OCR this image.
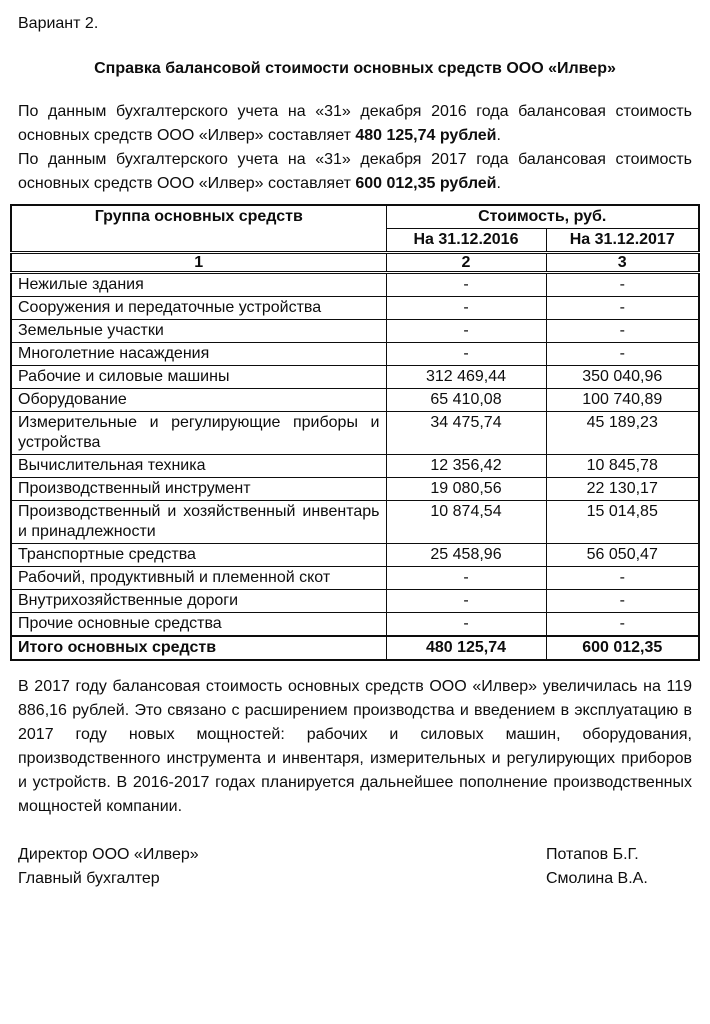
Вариант 2.
Справка балансовой стоимости основных средств ООО «Илвер»

По данным бухгалтерского учета на «31» декабря 2016 года балансовая стоимость основных средств ООО «Илвер» составляет 480 125,74 рублей.

По данным бухгалтерского учета на «31» декабря 2017 года балансовая стоимость основных средств ООО «Илвер» составляет 600 012,35 рублей.

Группа основных средств	Стоимость, руб.	
	На 31.12.2016	На 31.12.2017
1	2	3
Нежилые здания	-	-
Сооружения и передаточные устройства	-	-
Земельные участки	-	-
Многолетние насаждения	-	-
Рабочие и силовые машины	312 469,44	350 040,96
Оборудование	65 410,08	100 740,89
Измерительные и регулирующие приборы и устройства	34 475,74	45 189,23
Вычислительная техника	12 356,42	10 845,78
Производственный инструмент	19 080,56	22 130,17
Производственный и хозяйственный инвентарь и принадлежности	10 874,54	15 014,85
Транспортные средства	25 458,96	56 050,47
Рабочий, продуктивный и племенной скот	-	-
Внутрихозяйственные дороги	-	-
Прочие основные средства	-	-
Итого основных средств	480 125,74	600 012,35

В 2017 году балансовая стоимость основных средств ООО «Илвер» увеличилась на 119 886,16 рублей. Это связано с расширением производства и введением в эксплуатацию в 2017 году новых мощностей: рабочих и силовых машин, оборудования, производственного инструмента и инвентаря, измерительных и регулирующих приборов и устройств. В 2016-2017 годах планируется дальнейшее пополнение производственных мощностей компании.

Директор ООО «Илвер»	Потапов Б.Г.
Главный бухгалтер	Смолина В.А.
